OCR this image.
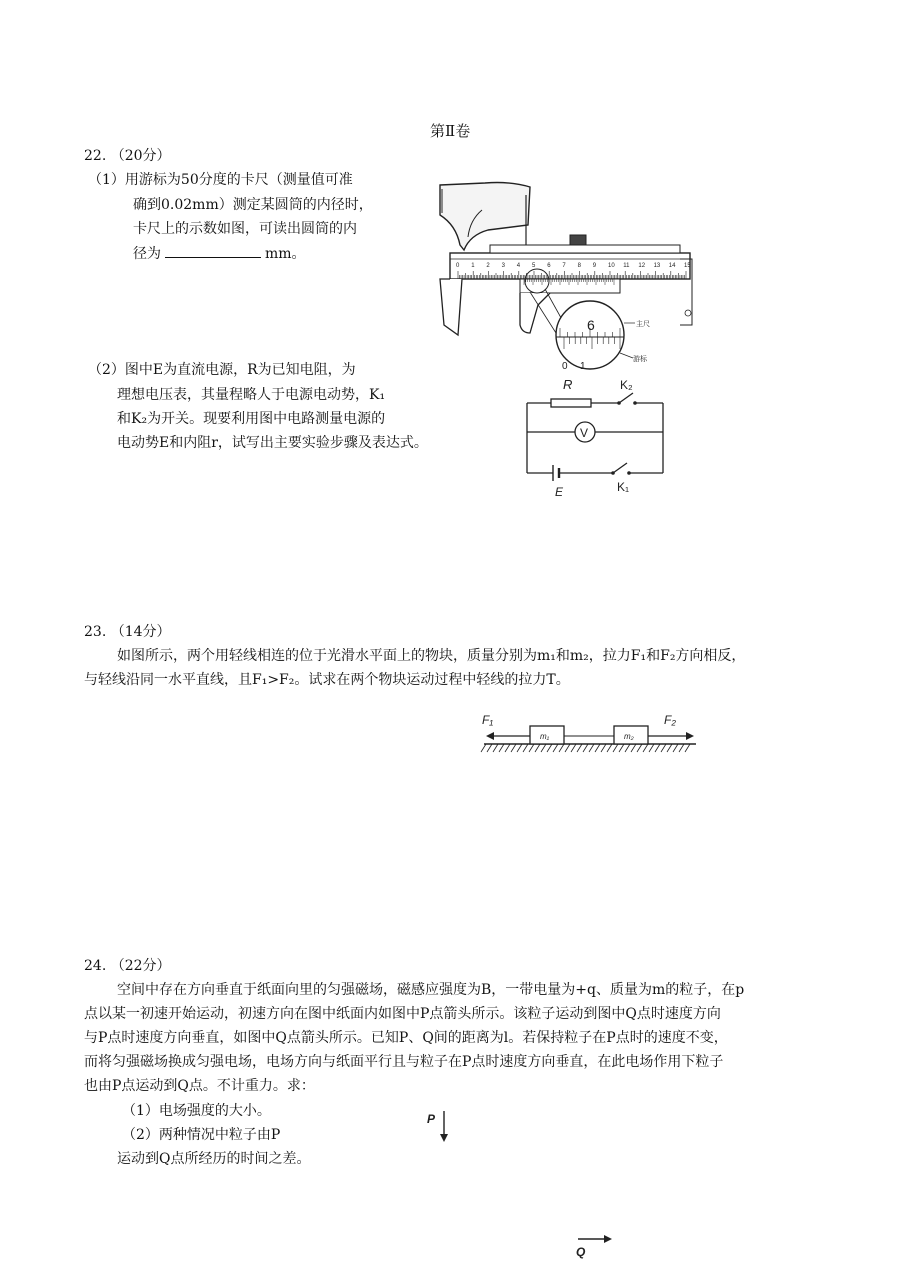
第Ⅱ卷
22. （20分）
（1）用游标为50分度的卡尺（测量值可准
确到0.02mm）测定某圆筒的内径时，
卡尺上的示数如图，可读出圆筒的内
径为	mm。
（2）图中E为直流电源，R为已知电阻，为
理想电压表，其量程略人于电源电动势，K₁
和K₂为开关。现要利用图中电路测量电源的
电动势E和内阻r，试写出主要实验步骤及表达式。
0 1 2 3 4 5 6 7 8 9 10 11 12 13 14 15
6
0 1
主尺
游标
R	K₂
V
E	K₁
23. （14分）
如图所示，两个用轻线相连的位于光滑水平面上的物块，质量分别为m₁和m₂，拉力F₁和F₂方向相反，
与轻线沿同一水平直线，且F₁>F₂。试求在两个物块运动过程中轻线的拉力T。
F₁	F₂
m₁	m₂
24. （22分）
空间中存在方向垂直于纸面向里的匀强磁场，磁感应强度为B，一带电量为+q、质量为m的粒子，在p
点以某一初速开始运动，初速方向在图中纸面内如图中P点箭头所示。该粒子运动到图中Q点时速度方向
与P点时速度方向垂直，如图中Q点箭头所示。已知P、Q间的距离为l。若保持粒子在P点时的速度不变，
而将匀强磁场换成匀强电场，电场方向与纸面平行且与粒子在P点时速度方向垂直，在此电场作用下粒子
也由P点运动到Q点。不计重力。求：
（1）电场强度的大小。
（2）两种情况中粒子由P
运动到Q点所经历的时间之差。
P
Q
